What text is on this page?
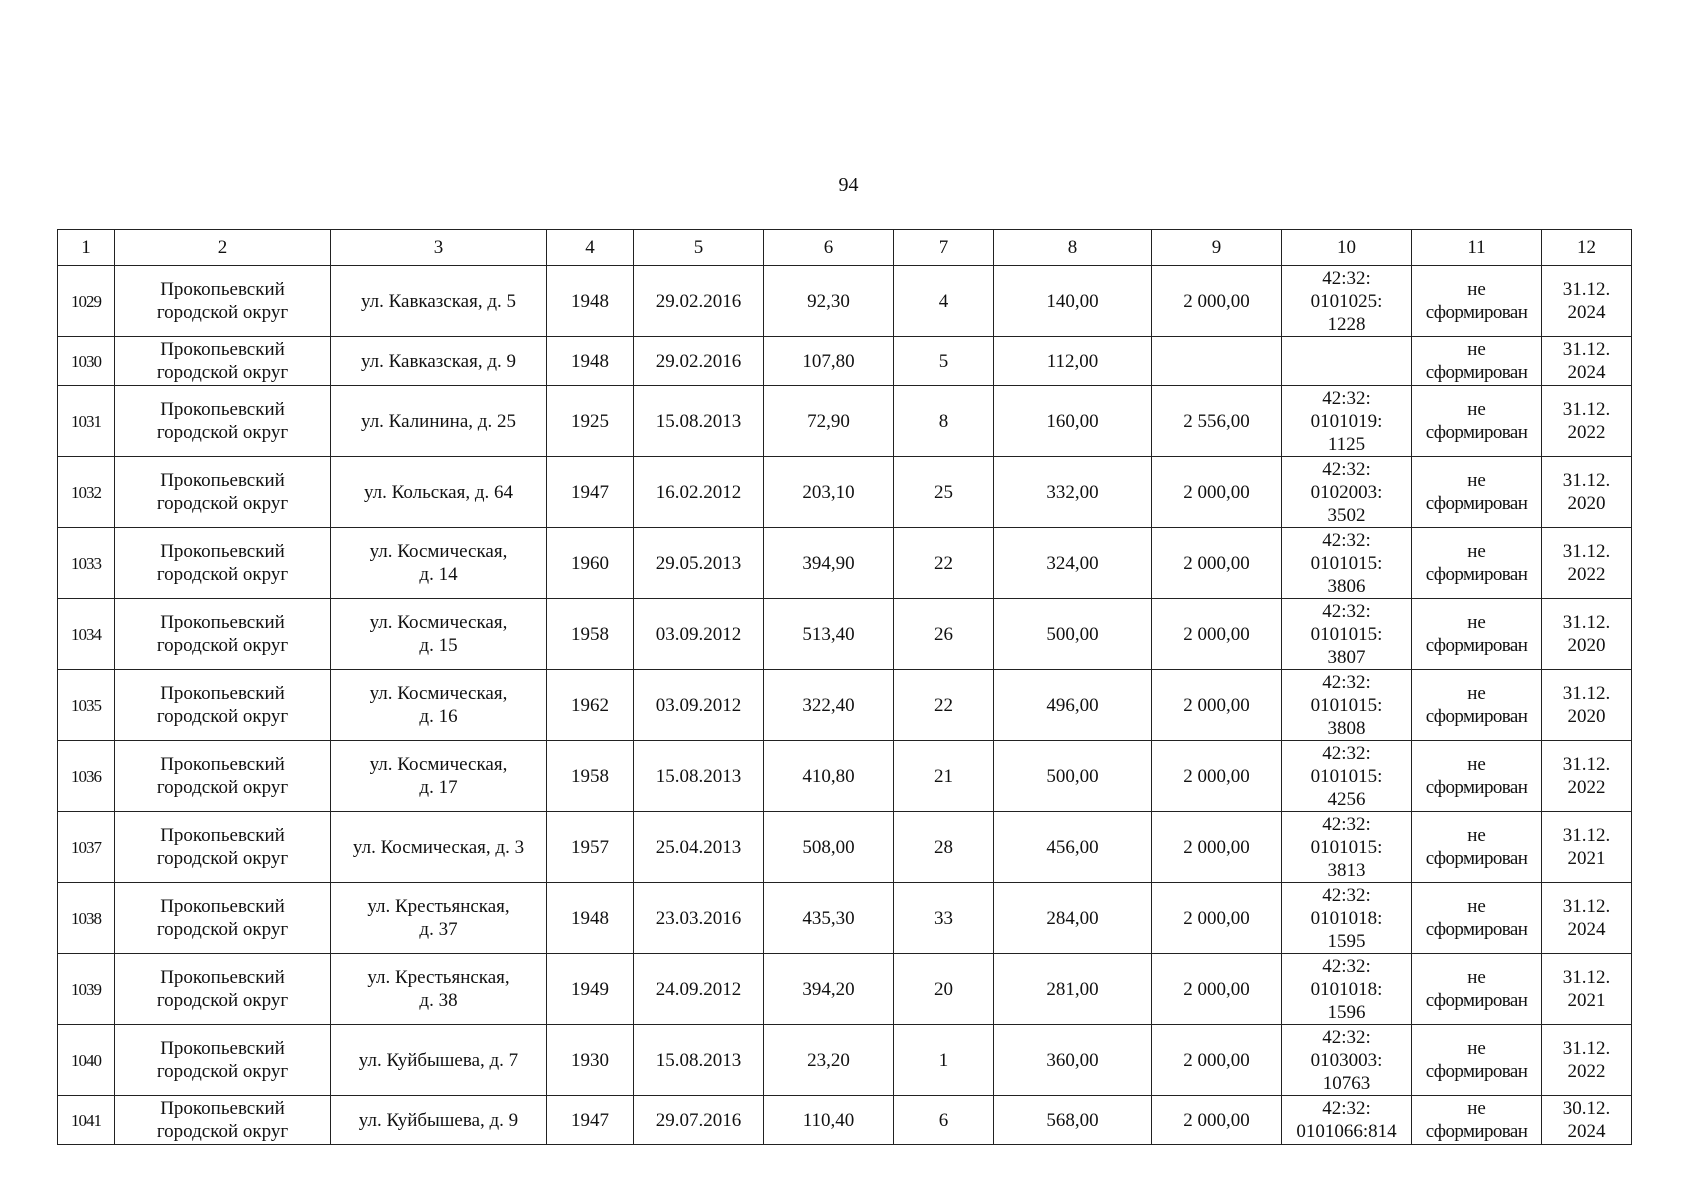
94
1	2	3	4	5	6	7	8	9	10	11	12
1029	Прокопьевский
городской округ	ул. Кавказская, д. 5	1948	29.02.2016	92,30	4	140,00	2 000,00	42:32:
0101025:
1228	не
сформирован	31.12.
2024

1030	Прокопьевский
городской округ	ул. Кавказская, д. 9	1948	29.02.2016	107,80	5	112,00			не
сформирован	31.12.
2024

1031	Прокопьевский
городской округ	ул. Калинина, д. 25	1925	15.08.2013	72,90	8	160,00	2 556,00	42:32:
0101019:
1125	не
сформирован	31.12.
2022

1032	Прокопьевский
городской округ	ул. Кольская, д. 64	1947	16.02.2012	203,10	25	332,00	2 000,00	42:32:
0102003:
3502	не
сформирован	31.12.
2020

1033	Прокопьевский
городской округ	ул. Космическая,
д. 14	1960	29.05.2013	394,90	22	324,00	2 000,00	42:32:
0101015:
3806	не
сформирован	31.12.
2022

1034	Прокопьевский
городской округ	ул. Космическая,
д. 15	1958	03.09.2012	513,40	26	500,00	2 000,00	42:32:
0101015:
3807	не
сформирован	31.12.
2020

1035	Прокопьевский
городской округ	ул. Космическая,
д. 16	1962	03.09.2012	322,40	22	496,00	2 000,00	42:32:
0101015:
3808	не
сформирован	31.12.
2020

1036	Прокопьевский
городской округ	ул. Космическая,
д. 17	1958	15.08.2013	410,80	21	500,00	2 000,00	42:32:
0101015:
4256	не
сформирован	31.12.
2022

1037	Прокопьевский
городской округ	ул. Космическая, д. 3	1957	25.04.2013	508,00	28	456,00	2 000,00	42:32:
0101015:
3813	не
сформирован	31.12.
2021

1038	Прокопьевский
городской округ	ул. Крестьянская,
д. 37	1948	23.03.2016	435,30	33	284,00	2 000,00	42:32:
0101018:
1595	не
сформирован	31.12.
2024

1039	Прокопьевский
городской округ	ул. Крестьянская,
д. 38	1949	24.09.2012	394,20	20	281,00	2 000,00	42:32:
0101018:
1596	не
сформирован	31.12.
2021

1040	Прокопьевский
городской округ	ул. Куйбышева, д. 7	1930	15.08.2013	23,20	1	360,00	2 000,00	42:32:
0103003:
10763	не
сформирован	31.12.
2022

1041	Прокопьевский
городской округ	ул. Куйбышева, д. 9	1947	29.07.2016	110,40	6	568,00	2 000,00	42:32:
0101066:814	не
сформирован	30.12.
2024
